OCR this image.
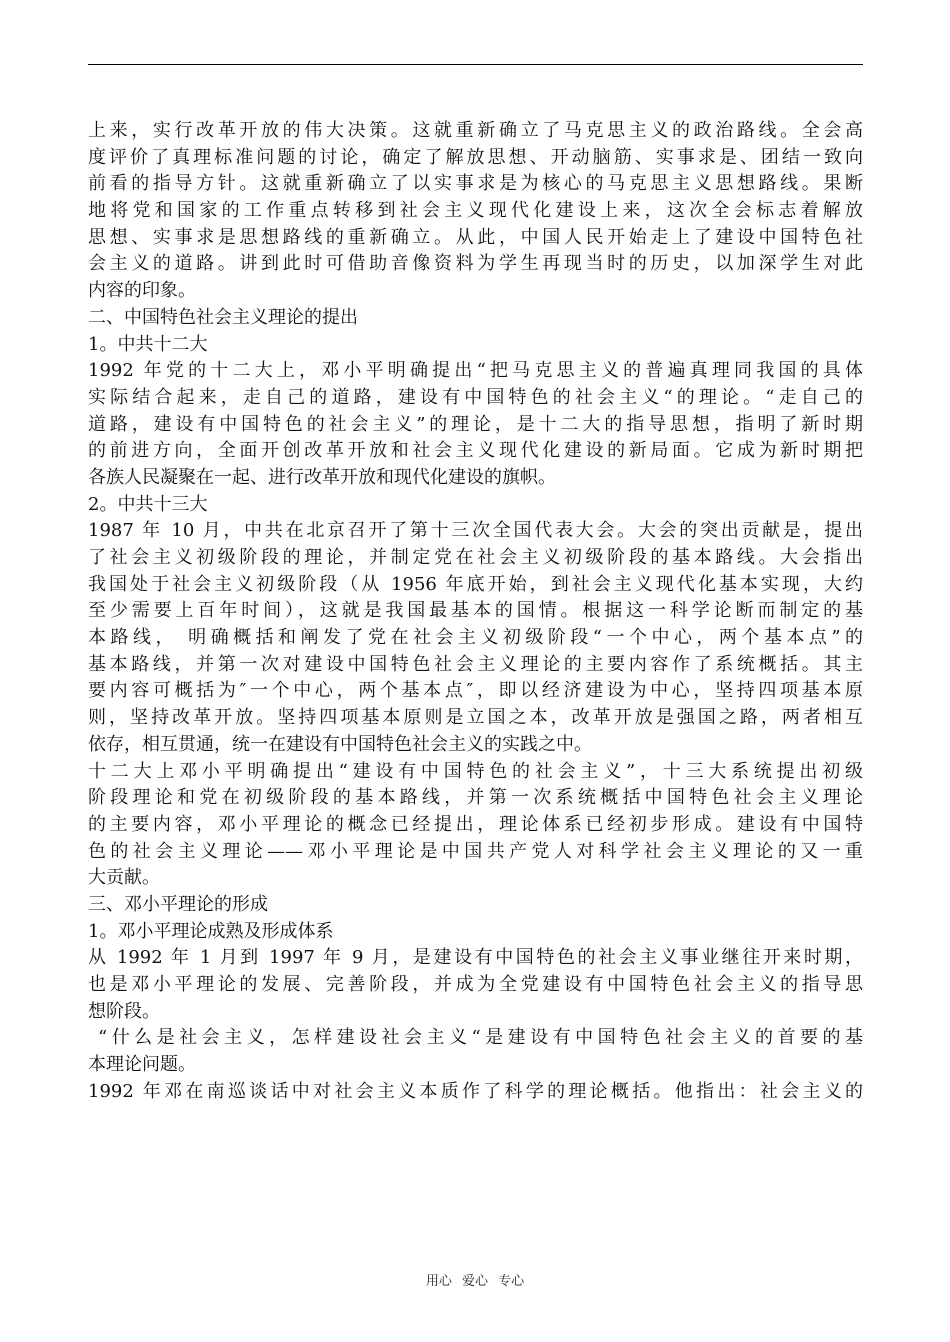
上来，实行改革开放的伟大决策。这就重新确立了马克思主义的政治路线。全会高
度评价了真理标准问题的讨论，确定了解放思想、开动脑筋、实事求是、团结一致向
前看的指导方针。这就重新确立了以实事求是为核心的马克思主义思想路线。果断
地将党和国家的工作重点转移到社会主义现代化建设上来，这次全会标志着解放
思想、实事求是思想路线的重新确立。从此，中国人民开始走上了建设中国特色社
会主义的道路。讲到此时可借助音像资料为学生再现当时的历史，以加深学生对此
内容的印象。
二、中国特色社会主义理论的提出
1。中共十二大
1992 年党的十二大上，邓小平明确提出“把马克思主义的普遍真理同我国的具体
实际结合起来，走自己的道路，建设有中国特色的社会主义“的理论。“走自己的
道路，建设有中国特色的社会主义”的理论，是十二大的指导思想，指明了新时期
的前进方向，全面开创改革开放和社会主义现代化建设的新局面。它成为新时期把
各族人民凝聚在一起、进行改革开放和现代化建设的旗帜。
2。中共十三大
1987 年 10 月，中共在北京召开了第十三次全国代表大会。大会的突出贡献是，提出
了社会主义初级阶段的理论，并制定党在社会主义初级阶段的基本路线。大会指出
我国处于社会主义初级阶段（从 1956 年底开始，到社会主义现代化基本实现，大约
至少需要上百年时间），这就是我国最基本的国情。根据这一科学论断而制定的基
本路线， 明确概括和阐发了党在社会主义初级阶段“一个中心，两个基本点”的
基本路线，并第一次对建设中国特色社会主义理论的主要内容作了系统概括。其主
要内容可概括为″一个中心，两个基本点″，即以经济建设为中心，坚持四项基本原
则，坚持改革开放。坚持四项基本原则是立国之本，改革开放是强国之路，两者相互
依存，相互贯通，统一在建设有中国特色社会主义的实践之中。
十二大上邓小平明确提出“建设有中国特色的社会主义”，十三大系统提出初级
阶段理论和党在初级阶段的基本路线，并第一次系统概括中国特色社会主义理论
的主要内容，邓小平理论的概念已经提出，理论体系已经初步形成。建设有中国特
色的社会主义理论——邓小平理论是中国共产党人对科学社会主义理论的又一重
大贡献。
三、邓小平理论的形成
1。邓小平理论成熟及形成体系
从 1992 年 1 月到 1997 年 9 月，是建设有中国特色的社会主义事业继往开来时期，
也是邓小平理论的发展、完善阶段，并成为全党建设有中国特色社会主义的指导思
想阶段。
“什么是社会主义，怎样建设社会主义“是建设有中国特色社会主义的首要的基
本理论问题。
1992 年邓在南巡谈话中对社会主义本质作了科学的理论概括。他指出：社会主义的
用心 爱心 专心
